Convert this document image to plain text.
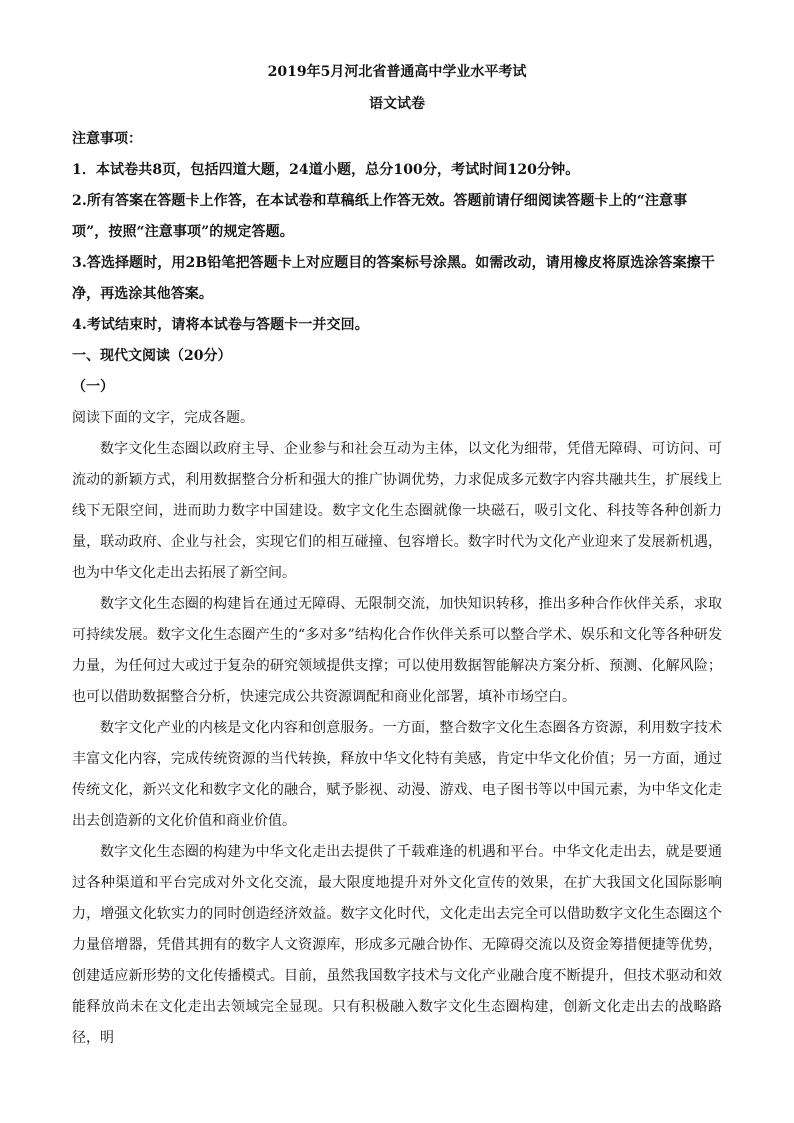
2019年5月河北省普通高中学业水平考试

语文试卷

注意事项：

1．本试卷共8页，包括四道大题，24道小题，总分100分，考试时间120分钟。

2.所有答案在答题卡上作答，在本试卷和草稿纸上作答无效。答题前请仔细阅读答题卡上的“注意事项”，按照“注意事项”的规定答题。

3.答选择题时，用2B铅笔把答题卡上对应题目的答案标号涂黑。如需改动，请用橡皮将原选涂答案擦干净，再选涂其他答案。

4.考试结束时，请将本试卷与答题卡一并交回。

一、现代文阅读（20分）

（一）

阅读下面的文字，完成各题。

数字文化生态圈以政府主导、企业参与和社会互动为主体，以文化为细带，凭借无障碍、可访问、可流动的新颖方式，利用数据整合分析和强大的推广协调优势，力求促成多元数字内容共融共生，扩展线上线下无限空间，进而助力数字中国建设。数字文化生态圈就像一块磁石，吸引文化、科技等各种创新力量，联动政府、企业与社会，实现它们的相互碰撞、包容增长。数字时代为文化产业迎来了发展新机遇，也为中华文化走出去拓展了新空间。

数字文化生态圈的构建旨在通过无障碍、无限制交流，加快知识转移，推出多种合作伙伴关系，求取可持续发展。数字文化生态圈产生的“多对多”结构化合作伙伴关系可以整合学术、娱乐和文化等各种研发力量，为任何过大或过于复杂的研究领域提供支撑；可以使用数据智能解决方案分析、预测、化解风险；也可以借助数据整合分析，快速完成公共资源调配和商业化部署，填补市场空白。

数字文化产业的内核是文化内容和创意服务。一方面，整合数字文化生态圈各方资源，利用数字技术丰富文化内容，完成传统资源的当代转换，释放中华文化特有美感，肯定中华文化价值；另一方面，通过传统文化，新兴文化和数字文化的融合，赋予影视、动漫、游戏、电子图书等以中国元素，为中华文化走出去创造新的文化价值和商业价值。

数字文化生态圈的构建为中华文化走出去提供了千载难逢的机遇和平台。中华文化走出去，就是要通过各种渠道和平台完成对外文化交流，最大限度地提升对外文化宣传的效果，在扩大我国文化国际影响力，增强文化软实力的同时创造经济效益。数字文化时代，文化走出去完全可以借助数字文化生态圈这个力量倍增器，凭借其拥有的数字人文资源库，形成多元融合协作、无障碍交流以及资金筹措便捷等优势，创建适应新形势的文化传播模式。目前，虽然我国数字技术与文化产业融合度不断提升，但技术驱动和效能释放尚未在文化走出去领域完全显现。只有积极融入数字文化生态圈构建，创新文化走出去的战略路径，明
